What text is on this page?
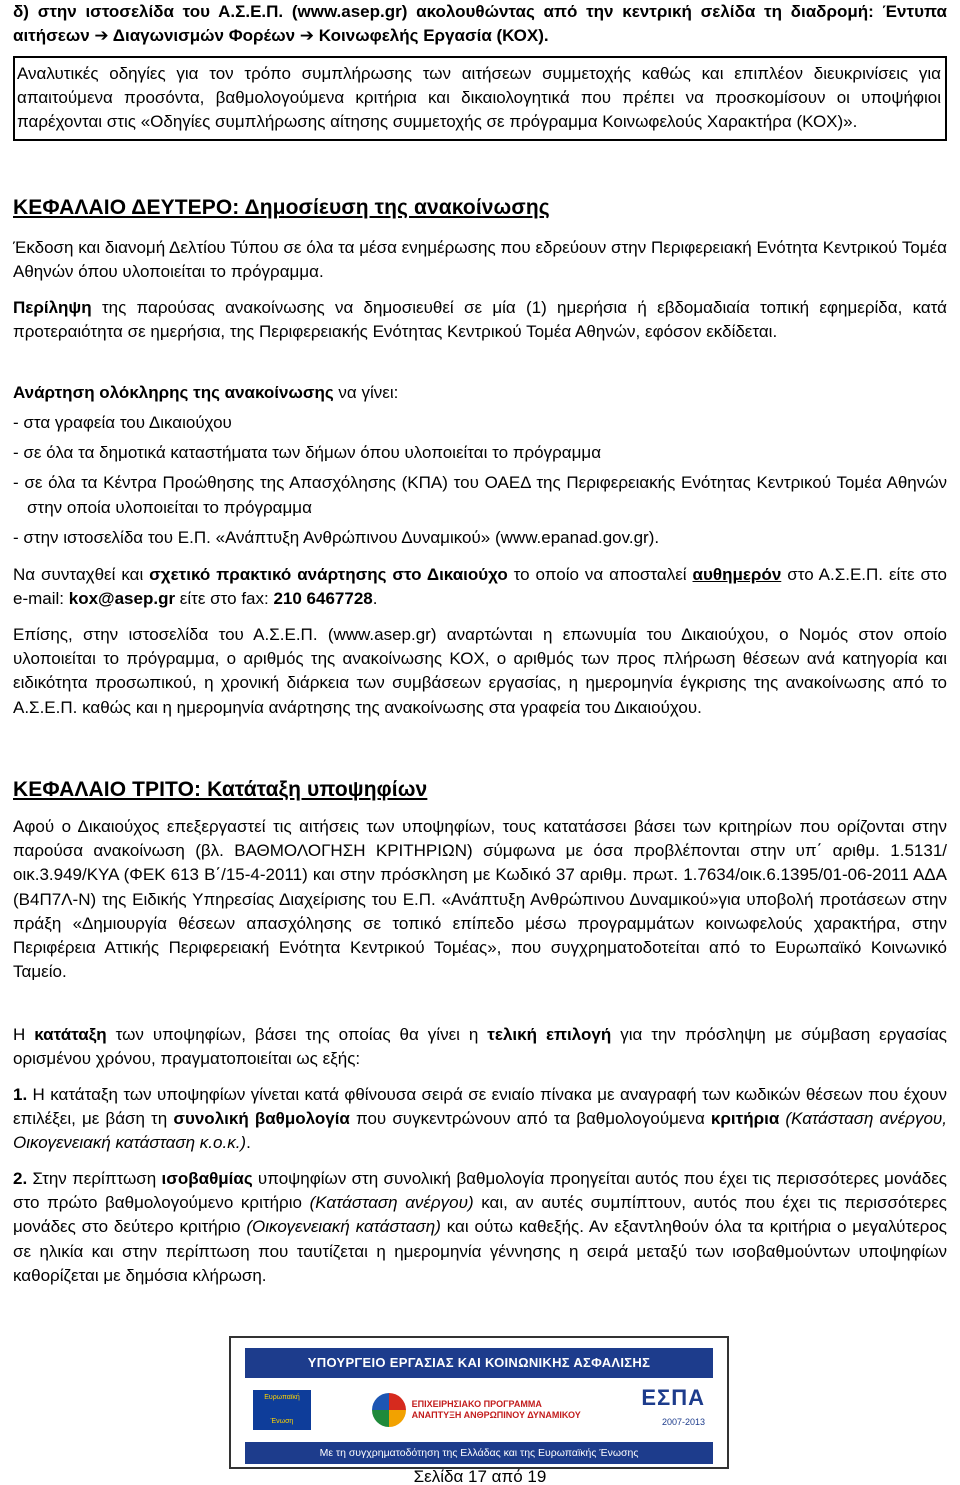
δ) στην ιστοσελίδα του Α.Σ.Ε.Π. (www.asep.gr) ακολουθώντας από την κεντρική σελίδα τη διαδρομή: Έντυπα αιτήσεων ➔ Διαγωνισμών Φορέων ➔ Κοινωφελής Εργασία (ΚΟΧ).
Αναλυτικές οδηγίες για τον τρόπο συμπλήρωσης των αιτήσεων συμμετοχής καθώς και επιπλέον διευκρινίσεις για απαιτούμενα προσόντα, βαθμολογούμενα κριτήρια και δικαιολογητικά που πρέπει να προσκομίσουν οι υποψήφιοι παρέχονται στις «Οδηγίες συμπλήρωσης αίτησης συμμετοχής σε πρόγραμμα Κοινωφελούς Χαρακτήρα (ΚΟΧ)».
ΚΕΦΑΛΑΙΟ ΔΕΥΤΕΡΟ: Δημοσίευση της ανακοίνωσης
Έκδοση και διανομή Δελτίου Τύπου σε όλα τα μέσα ενημέρωσης που εδρεύουν στην Περιφερειακή Ενότητα Κεντρικού Τομέα Αθηνών όπου υλοποιείται το πρόγραμμα.
Περίληψη της παρούσας ανακοίνωσης να δημοσιευθεί σε μία (1) ημερήσια ή εβδομαδιαία τοπική εφημερίδα, κατά προτεραιότητα σε ημερήσια, της Περιφερειακής Ενότητας Κεντρικού Τομέα Αθηνών, εφόσον εκδίδεται.
Ανάρτηση ολόκληρης της ανακοίνωσης να γίνει:
- στα γραφεία του Δικαιούχου
- σε όλα τα δημοτικά καταστήματα των δήμων όπου υλοποιείται το πρόγραμμα
- σε όλα τα Κέντρα Προώθησης της Απασχόλησης (ΚΠΑ) του ΟΑΕΔ της Περιφερειακής Ενότητας Κεντρικού Τομέα Αθηνών στην οποία υλοποιείται το πρόγραμμα
- στην ιστοσελίδα του Ε.Π. «Ανάπτυξη Ανθρώπινου Δυναμικού» (www.epanad.gov.gr).
Να συνταχθεί και σχετικό πρακτικό ανάρτησης στο Δικαιούχο το οποίο να αποσταλεί αυθημερόν στο Α.Σ.Ε.Π. είτε στο e-mail: kox@asep.gr είτε στο fax: 210 6467728.
Επίσης, στην ιστοσελίδα του Α.Σ.Ε.Π. (www.asep.gr) αναρτώνται η επωνυμία του Δικαιούχου, ο Νομός στον οποίο υλοποιείται το πρόγραμμα, ο αριθμός της ανακοίνωσης ΚΟΧ, ο αριθμός των προς πλήρωση θέσεων ανά κατηγορία και ειδικότητα προσωπικού, η χρονική διάρκεια των συμβάσεων εργασίας, η ημερομηνία έγκρισης της ανακοίνωσης από το Α.Σ.Ε.Π. καθώς και η ημερομηνία ανάρτησης της ανακοίνωσης στα γραφεία του Δικαιούχου.
ΚΕΦΑΛΑΙΟ ΤΡΙΤΟ: Κατάταξη υποψηφίων
Αφού ο Δικαιούχος επεξεργαστεί τις αιτήσεις των υποψηφίων, τους κατατάσσει βάσει των κριτηρίων που ορίζονται στην παρούσα ανακοίνωση (βλ. ΒΑΘΜΟΛΟΓΗΣΗ ΚΡΙΤΗΡΙΩΝ) σύμφωνα με όσα προβλέπονται στην υπ΄ αριθμ. 1.5131/οικ.3.949/ΚΥΑ (ΦΕΚ 613 Β΄/15-4-2011) και στην πρόσκληση με Κωδικό 37 αριθμ. πρωτ. 1.7634/οικ.6.1395/01-06-2011 ΑΔΑ (Β4Π7Λ-Ν) της Ειδικής Υπηρεσίας Διαχείρισης του Ε.Π. «Ανάπτυξη Ανθρώπινου Δυναμικού»για υποβολή προτάσεων στην πράξη «Δημιουργία θέσεων απασχόλησης σε τοπικό επίπεδο μέσω προγραμμάτων κοινωφελούς χαρακτήρα, στην Περιφέρεια Αττικής Περιφερειακή Ενότητα Κεντρικού Τομέας», που συγχρηματοδοτείται από το Ευρωπαϊκό Κοινωνικό Ταμείο.
Η κατάταξη των υποψηφίων, βάσει της οποίας θα γίνει η τελική επιλογή για την πρόσληψη με σύμβαση εργασίας ορισμένου χρόνου, πραγματοποιείται ως εξής:
1. Η κατάταξη των υποψηφίων γίνεται κατά φθίνουσα σειρά σε ενιαίο πίνακα με αναγραφή των κωδικών θέσεων που έχουν επιλέξει, με βάση τη συνολική βαθμολογία που συγκεντρώνουν από τα βαθμολογούμενα κριτήρια (Κατάσταση ανέργου, Οικογενειακή κατάσταση κ.ο.κ.).
2. Στην περίπτωση ισοβαθμίας υποψηφίων στη συνολική βαθμολογία προηγείται αυτός που έχει τις περισσότερες μονάδες στο πρώτο βαθμολογούμενο κριτήριο (Κατάσταση ανέργου) και, αν αυτές συμπίπτουν, αυτός που έχει τις περισσότερες μονάδες στο δεύτερο κριτήριο (Οικογενειακή κατάσταση) και ούτω καθεξής. Αν εξαντληθούν όλα τα κριτήρια ο μεγαλύτερος σε ηλικία και στην περίπτωση που ταυτίζεται η ημερομηνία γέννησης η σειρά μεταξύ των ισοβαθμούντων υποψηφίων καθορίζεται με δημόσια κλήρωση.
ΥΠΟΥΡΓΕΙΟ ΕΡΓΑΣΙΑΣ ΚΑΙ ΚΟΙΝΩΝΙΚΗΣ ΑΣΦΑΛΙΣΗΣ
Ευρωπαϊκή Ένωση
ΕΠΙΧΕΙΡΗΣΙΑΚΟ ΠΡΟΓΡΑΜΜΑ
ΑΝΑΠΤΥΞΗ ΑΝΘΡΩΠΙΝΟΥ ΔΥΝΑΜΙΚΟΥ
ΕΣΠΑ
2007-2013
Με τη συγχρηματοδότηση της Ελλάδας και της Ευρωπαϊκής Ένωσης
Σελίδα 17 από 19
